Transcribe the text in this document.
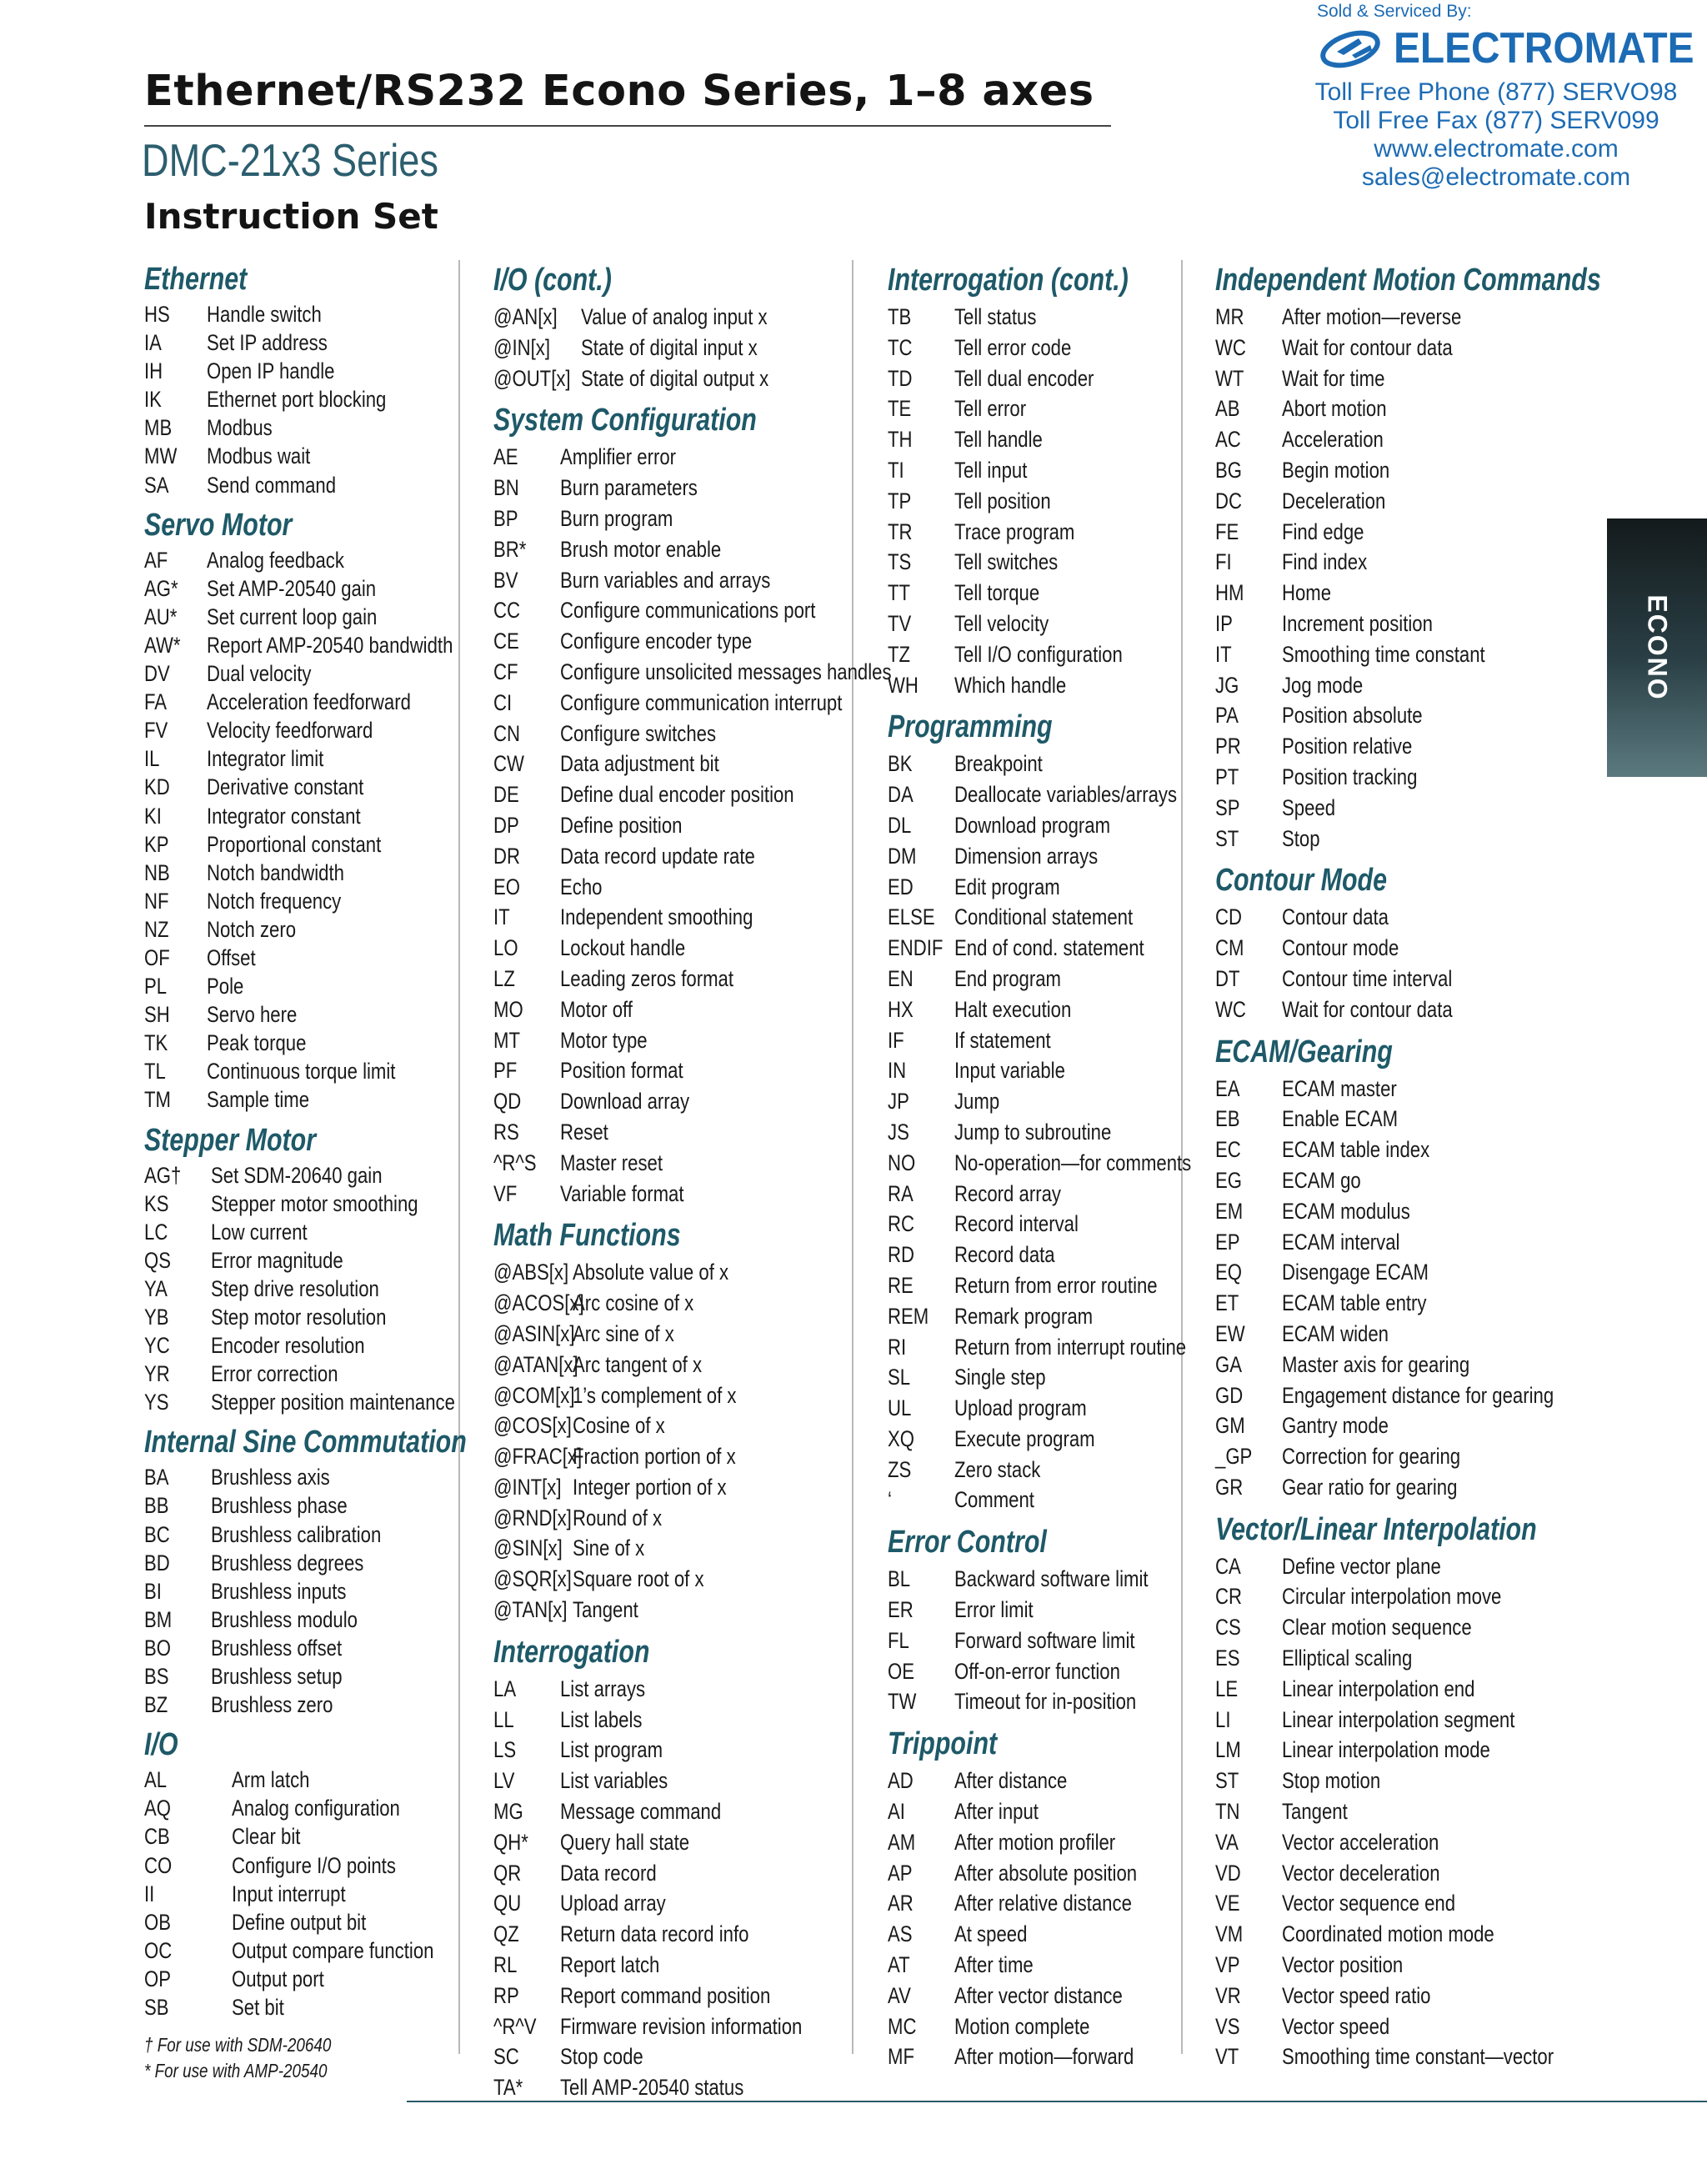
Ethernet/RS232 Econo Series, 1–8 axes
DMC-21x3 Series
Instruction Set
Sold & Serviced By:
ELECTROMATE
Toll Free Phone (877) SERVO98
Toll Free Fax (877) SERV099
www.electromate.com
sales@electromate.com
ECONO
Ethernet
HS Handle switch
IA Set IP address
IH Open IP handle
IK Ethernet port blocking
MB Modbus
MW Modbus wait
SA Send command
Servo Motor
AF Analog feedback
AG* Set AMP-20540 gain
AU* Set current loop gain
AW* Report AMP-20540 bandwidth
DV Dual velocity
FA Acceleration feedforward
FV Velocity feedforward
IL Integrator limit
KD Derivative constant
KI Integrator constant
KP Proportional constant
NB Notch bandwidth
NF Notch frequency
NZ Notch zero
OF Offset
PL Pole
SH Servo here
TK Peak torque
TL Continuous torque limit
TM Sample time
Stepper Motor
AG† Set SDM-20640 gain
KS Stepper motor smoothing
LC Low current
QS Error magnitude
YA Step drive resolution
YB Step motor resolution
YC Encoder resolution
YR Error correction
YS Stepper position maintenance
Internal Sine Commutation
BA Brushless axis
BB Brushless phase
BC Brushless calibration
BD Brushless degrees
BI Brushless inputs
BM Brushless modulo
BO Brushless offset
BS Brushless setup
BZ Brushless zero
I/O
AL	Arm latch
AQ	Analog configuration
CB	Clear bit
CO	Configure I/O points
II	Input interrupt
OB	Define output bit
OC	Output compare function
OP	Output port
SB	Set bit
I/O (cont.)
@AN[x] Value of analog input x
@IN[x] State of digital input x
@OUT[x] State of digital output x
System Configuration
AE Amplifier error
BN Burn parameters
BP Burn program
BR* Brush motor enable
BV Burn variables and arrays
CC Configure communications port
CE Configure encoder type
CF Configure unsolicited messages handles
CI Configure communication interrupt
CN Configure switches
CW Data adjustment bit
DE Define dual encoder position
DP Define position
DR Data record update rate
EO Echo
IT Independent smoothing
LO Lockout handle
LZ Leading zeros format
MO Motor off
MT Motor type
PF Position format
QD Download array
RS Reset
^R^S Master reset
VF Variable format
Math Functions
@ABS[x] Absolute value of x
@ACOS[x]Arc cosine of x
@ASIN[x]Arc sine of x
@ATAN[x]Arc tangent of x
@COM[x]1’s complement of x
@COS[x]Cosine of x
@FRAC[x]Fraction portion of x
@INT[x] Integer portion of x
@RND[x]Round of x
@SIN[x] Sine of x
@SQR[x]Square root of x
@TAN[x] Tangent
Interrogation
LA List arrays
LL List labels
LS List program
LV List variables
MG Message command
QH* Query hall state
QR Data record
QU Upload array
QZ Return data record info
RL Report latch
RP Report command position
^R^V Firmware revision information
SC Stop code
TA* Tell AMP-20540 status
Interrogation (cont.)
TB Tell status
TC Tell error code
TD Tell dual encoder
TE Tell error
TH Tell handle
TI Tell input
TP Tell position
TR Trace program
TS Tell switches
TT Tell torque
TV Tell velocity
TZ Tell I/O configuration
WH Which handle
Programming
BK Breakpoint
DA Deallocate variables/arrays
DL Download program
DM Dimension arrays
ED Edit program
ELSE Conditional statement
ENDIF End of cond. statement
EN End program
HX Halt execution
IF If statement
IN Input variable
JP Jump
JS Jump to subroutine
NO No-operation—for comments
RA Record array
RC Record interval
RD Record data
RE Return from error routine
REM Remark program
RI Return from interrupt routine
SL Single step
UL Upload program
XQ Execute program
ZS Zero stack
‘	Comment
Error Control
BL Backward software limit
ER Error limit
FL Forward software limit
OE Off-on-error function
TW Timeout for in-position
Trippoint
AD After distance
AI After input
AM After motion profiler
AP After absolute position
AR After relative distance
AS At speed
AT After time
AV After vector distance
MC Motion complete
MF After motion—forward
Independent Motion Commands
MR After motion—reverse
WC Wait for contour data
WT Wait for time
AB Abort motion
AC Acceleration
BG Begin motion
DC Deceleration
FE Find edge
FI Find index
HM Home
IP Increment position
IT Smoothing time constant
JG Jog mode
PA Position absolute
PR Position relative
PT Position tracking
SP Speed
ST Stop
Contour Mode
CD Contour data
CM Contour mode
DT Contour time interval
WC Wait for contour data
ECAM/Gearing
EA ECAM master
EB Enable ECAM
EC ECAM table index
EG ECAM go
EM ECAM modulus
EP ECAM interval
EQ Disengage ECAM
ET ECAM table entry
EW ECAM widen
GA Master axis for gearing
GD Engagement distance for gearing
GM Gantry mode
_GP Correction for gearing
GR Gear ratio for gearing
Vector/Linear Interpolation
CA Define vector plane
CR Circular interpolation move
CS Clear motion sequence
ES Elliptical scaling
LE Linear interpolation end
LI Linear interpolation segment
LM Linear interpolation mode
ST Stop motion
TN Tangent
VA Vector acceleration
VD Vector deceleration
VE Vector sequence end
VM Coordinated motion mode
VP Vector position
VR Vector speed ratio
VS Vector speed
VT Smoothing time constant—vector
† For use with SDM-20640
* For use with AMP-20540
